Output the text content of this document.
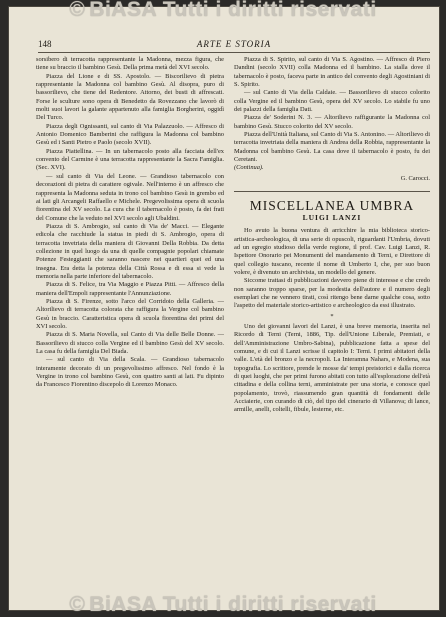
© BiASA Tutti i diritti riservati
148	ARTE E STORIA

sorsibero di terracotta rappresentante la Madonna, mezza figura, che tiene su braccio il bambino Gesù. Della prima metà del XVI secolo.

Piazza del Lione e di SS. Apostolo. — Biscorilievo di pietra rappresentante la Madonna col bambino Gesù. Al disopra, puro di bassorilievo, che tiene del Redentore. Attorno, dei busti di affrescati. Forse le sculture sono opera di Benedetto da Rovezzano che lavorò di molti suoi lavori la galante appartenuto alla famiglia Borgherini, oggidì Del Turco.

Piazza degli Ognissanti, sul canto di Via Palazzuolo. — Affresco di Antonio Domenico Bamberini che raffigura la Madonna col bambino Gesù ed i Santi Pietro e Paolo (secolo XVII).

Piazza Piattellina. — In un tabernacolo posto alla facciata dell'ex convento del Carmine è una terracotta rappresentante la Sacra Famiglia. (Sec. XVI).

— sul canto di Via del Leone. — Grandioso tabernacolo con decorazioni di pietra di carattere ogivale. Nell'interno è un affresco che rappresenta la Madonna seduta in trono col bambino Gesù in grembo ed ai lati gli Arcangeli Raffaello e Michele. Pregevolissima opera di scuola fiorentina del XV secolo. La cura che il tabernacolo è posto, fa dei frati del Comune che la veduto nel XVI secolo agli Ubaldini.

Piazza di S. Ambrogio, sul canto di Via de' Macci. — Elegante edicola che racchiude la statua in piedi di S. Ambrogio, opera di terracotta invetriata della maniera di Giovanni Della Robbia. Da detta collezione in quel luogo da una di quelle compagnie popolari chiamate Potenze Festeggianti che saranno nascere nei quartieri quei ed una insegna. Era detta la potenza della Città Rossa e di essa si vede la memoria nella parte inferiore del tabernacolo.

Piazza di S. Felice, tra Via Maggio e Piazza Pitti. — Affresco della maniera dell'Empoli rappresentante l'Annunziazione.

Piazza di S. Firenze, sotto l'arco del Corridoio della Galleria. — Altorilievo di terracotta colorata che raffigura la Vergine col bambino Gesù in braccio. Caratteristica opera di scuola fiorentina dei primi del XVI secolo.

Piazza di S. Maria Novella, sul Canto di Via delle Belle Donne. — Bassorilievo di stucco colla Vergine ed il bambino Gesù del XV secolo. La casa fu della famiglia Del Biada.

— sul canto di Via della Scala. — Grandioso tabernacolo interamente decorato di un pregevolissimo affresco. Nel fondo è la Vergine in trono col bambino Gesù, con quattro santi ai lati. Fu dipinto da Francesco Fiorentino discepolo di Lorenzo Monaco.

Piazza di S. Spirito, sul canto di Via S. Agostino. — Affresco di Piero Dandini (secolo XVII) colla Madonna ed il bambino. La stalla dove il tabernacolo è posto, faceva parte in antico del convento degli Agostiniani di S. Spirito.

— sul Canto di Via della Caldaie. — Bassorilievo di stucco colorito colla Vergine ed il bambino Gesù, opera del XV secolo. Lo stabile fu uno dei palazzi della famiglia Dati.

Piazza de' Soderini N. 3. — Altorilievo raffigurante la Madonna col bambino Gesù. Stucco colorito del XV secolo.

Piazza dell'Unità Italiana, sul Canto di Via S. Antonino. — Altorilievo di terracotta invetriata della maniera di Andrea della Robbia, rappresentante la Madonna col bambino Gesù. La casa dove il tabernacolo è posto, fu dei Ceretani.

(Continua).

G. Carocci.

MISCELLANEA UMBRA
LUIGI LANZI

Ho avuto la buona ventura di arricchire la mia biblioteca storico-artistica-archeologica, di una serie di opuscoli, riguardanti l'Umbria, dovuti ad un egregio studioso della verde regione, il prof. Cav. Luigi Lanzi, R. Ispettore Onorario pei Monumenti del mandamento di Terni, e Direttore di quel collegio tuscano, recente il nome di Umberto I, che, per suo buon volere, è divenuto un archivista, un modello del genere.

Siccome trattasi di pubblicazioni davvero piene di interesse e che credo non saranno troppo sparse, per la modestia dell'autore e il numero degli esemplari che ne vennero tirati, così ritengo bene darne qualche cosa, sotto l'aspetto del materiale storico-artistico e archeologico da essi illustrato.

*

Uno dei giovanni lavori del Lanzi, è una breve memoria, inserita nel Ricordo di Terni (Terni, 1886, Tip. dell'Unione Liberale, Premiati, e dell'Amministrazione Umbro-Sabina), pubblicazione fatta a spese del comune, e di cui il Lanzi scrisse il capitolo I: Terni. I primi abitatori della valle. L'età del bronzo e la necropoli. La Interamna Nahars, e Modena, sua topografia. Lo scrittore, prende le mosse da' tempi preistorici e dalla ricerca di quei luoghi, che per primi furono abitati con tutto all'esplorazione dell'età cittadina e della collina terni, amministrate per una storia, e conosce quel popolamento, trovò, riassumendo gran quantità di fondamenti delle Acciaierie, con curando di ciò, del tipo del cinerario di Villanova; di lance, armille, anelli, coltelli, fibule, lesterne, etc.

© BiASA Tutti i diritti riservati
